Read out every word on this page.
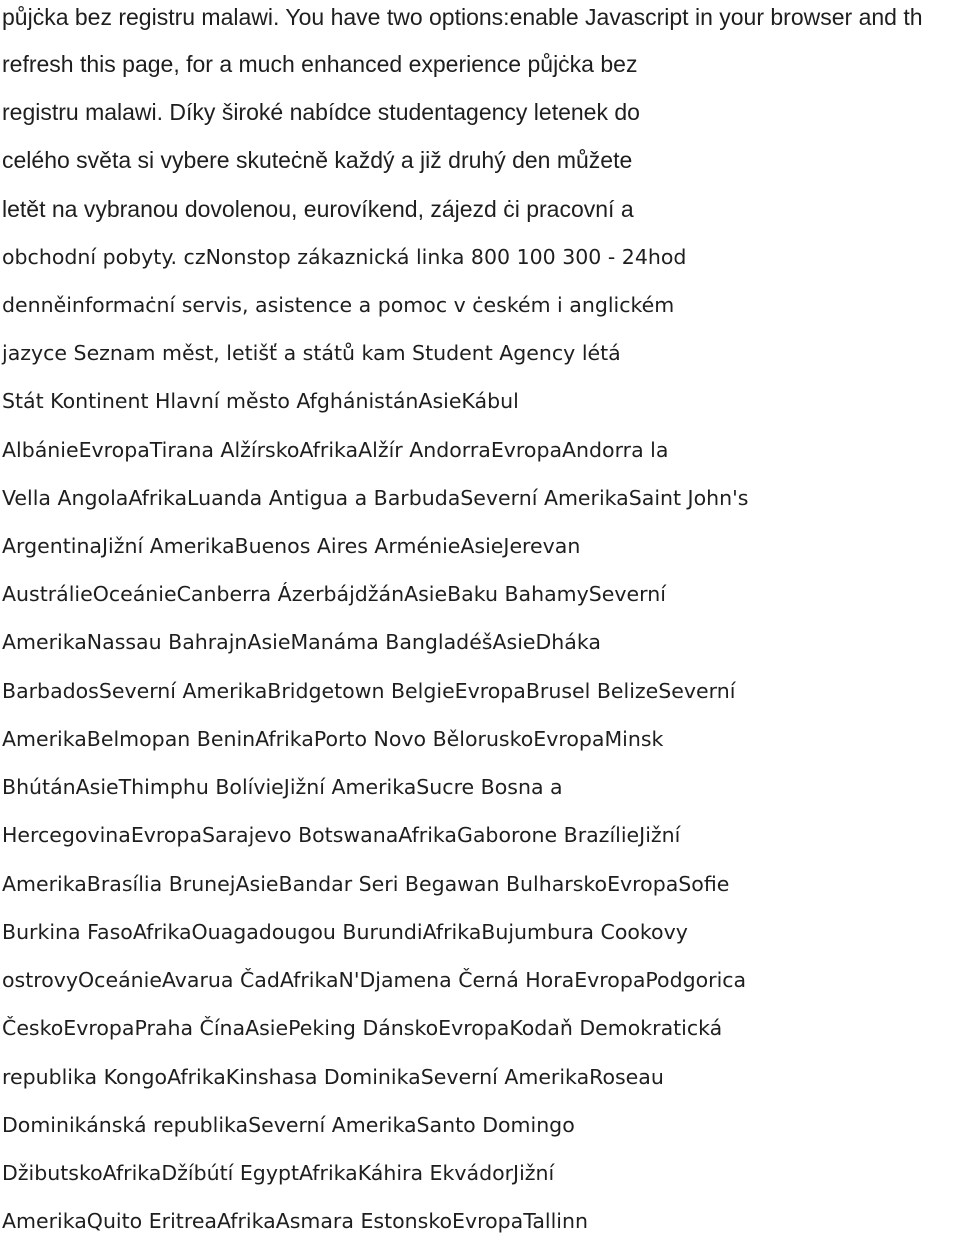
půjċka bez registru malawi. You have two options:enable Javascript in your browser and th
refresh this page, for a much enhanced experience půjċka bez
registru malawi. Díky široké nabídce studentagency letenek do
celého světa si vybere skuteċně každý a již druhý den můžete
letět na vybranou dovolenou, eurovíkend, zájezd ċi pracovní a
obchodní pobyty. czNonstop zákaznická linka 800 100 300 - 24hod
denněinformaċní servis, asistence a pomoc v ċeském i anglickém
jazyce Seznam měst, letišť a států kam Student Agency létá
Stát Kontinent Hlavní město AfghánistánAsieKábul
AlbánieEvropaTirana AlžírskoAfrikaAlžír AndorraEvropaAndorra la
Vella AngolaAfrikaLuanda Antigua a BarbudaSeverní AmerikaSaint John's
ArgentinaJižní AmerikaBuenos Aires ArménieAsieJerevan
AustrálieOceánieCanberra ÁzerbájdžánAsieBaku BahamySeverní
AmerikaNassau BahrajnAsieManáma BangladéšAsieDháka
BarbadosSeverní AmerikaBridgetown BelgieEvropaBrusel BelizeSeverní
AmerikaBelmopan BeninAfrikaPorto Novo BěloruskoEvropaMinsk
BhútánAsieThimphu BolívieJižní AmerikaSucre Bosna a
HercegovinaEvropaSarajevo BotswanaAfrikaGaborone BrazílieJižní
AmerikaBrasília BrunejAsieBandar Seri Begawan BulharskoEvropaSofie
Burkina FasoAfrikaOuagadougou BurundiAfrikaBujumbura Cookovy
ostrovyOceánieAvarua ČadAfrikaN'Djamena Černá HoraEvropaPodgorica
ČeskoEvropaPraha ČínaAsiePeking DánskoEvropaKodaň Demokratická
republika KongoAfrikaKinshasa DominikaSeverní AmerikaRoseau
Dominikánská republikaSeverní AmerikaSanto Domingo
DžibutskoAfrikaDžíbútí EgyptAfrikaKáhira EkvádorJižní
AmerikaQuito EritreaAfrikaAsmara EstonskoEvropaTallinn
